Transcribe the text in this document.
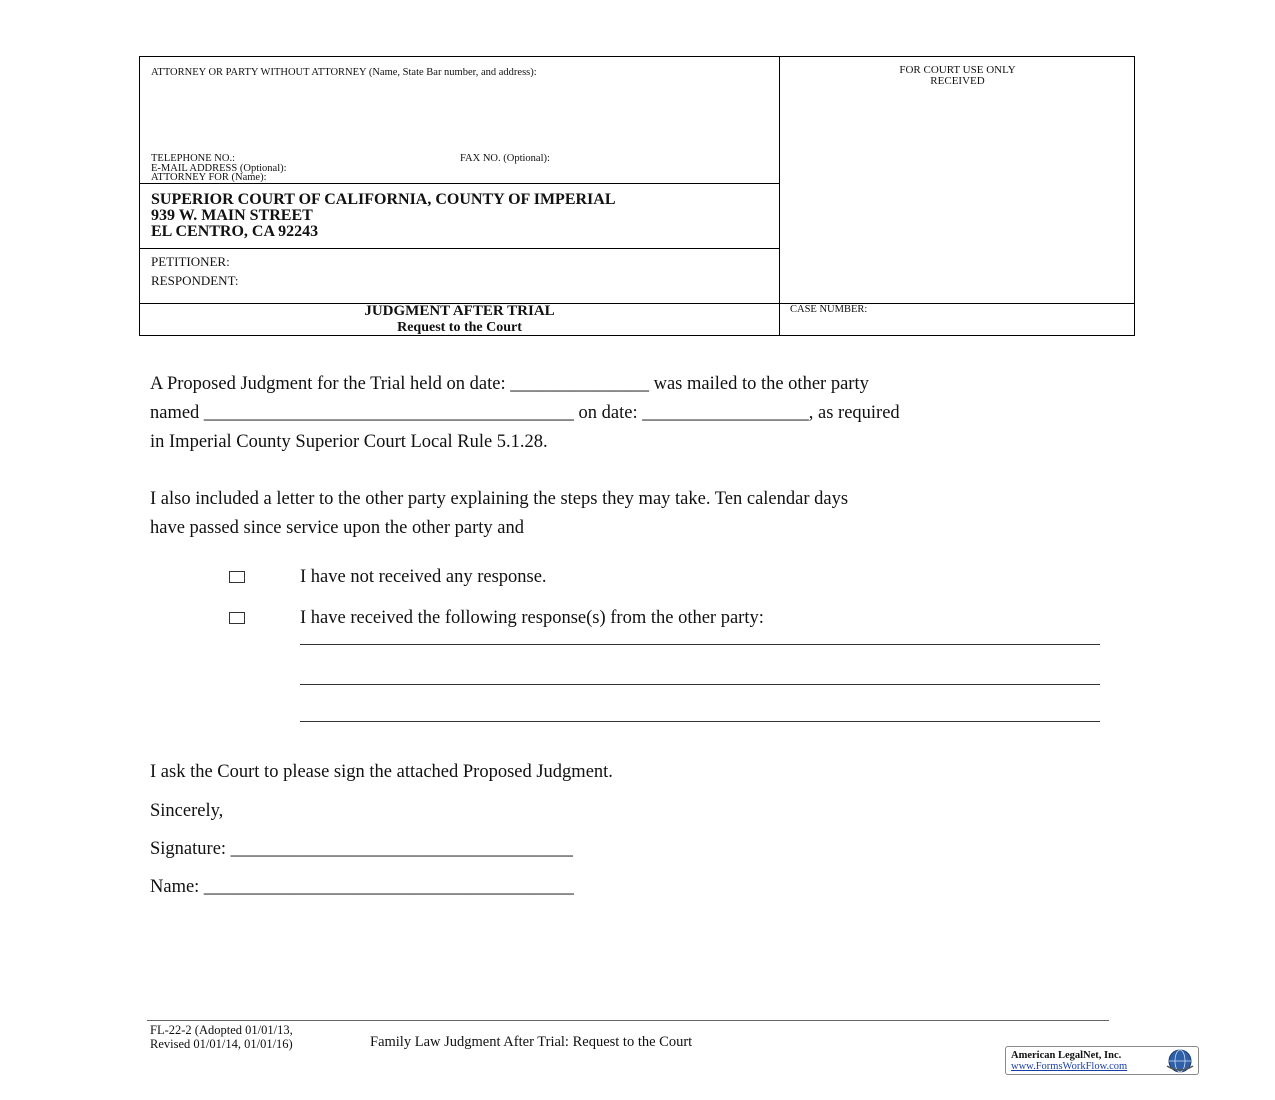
ATTORNEY OR PARTY WITHOUT ATTORNEY (Name, State Bar number, and address):
TELEPHONE NO.:	FAX NO. (Optional):
E-MAIL ADDRESS (Optional):
ATTORNEY FOR (Name):
FOR COURT USE ONLY
RECEIVED
SUPERIOR COURT OF CALIFORNIA, COUNTY OF IMPERIAL
939 W. MAIN STREET
EL CENTRO, CA 92243
PETITIONER:
RESPONDENT:
JUDGMENT AFTER TRIAL
Request to the Court
CASE NUMBER:
A Proposed Judgment for the Trial held on date: _______________ was mailed to the other party
named ________________________________________ on date: __________________, as required
in Imperial County Superior Court Local Rule 5.1.28.
I also included a letter to the other party explaining the steps they may take. Ten calendar days
have passed since service upon the other party and
I have not received any response.
I have received the following response(s) from the other party:
I ask the Court to please sign the attached Proposed Judgment.
Sincerely,
Signature: _____________________________________
Name: ________________________________________
FL-22-2 (Adopted 01/01/13,
Revised 01/01/14, 01/01/16)	Family Law Judgment After Trial: Request to the Court
American LegalNet, Inc.
www.FormsWorkFlow.com
